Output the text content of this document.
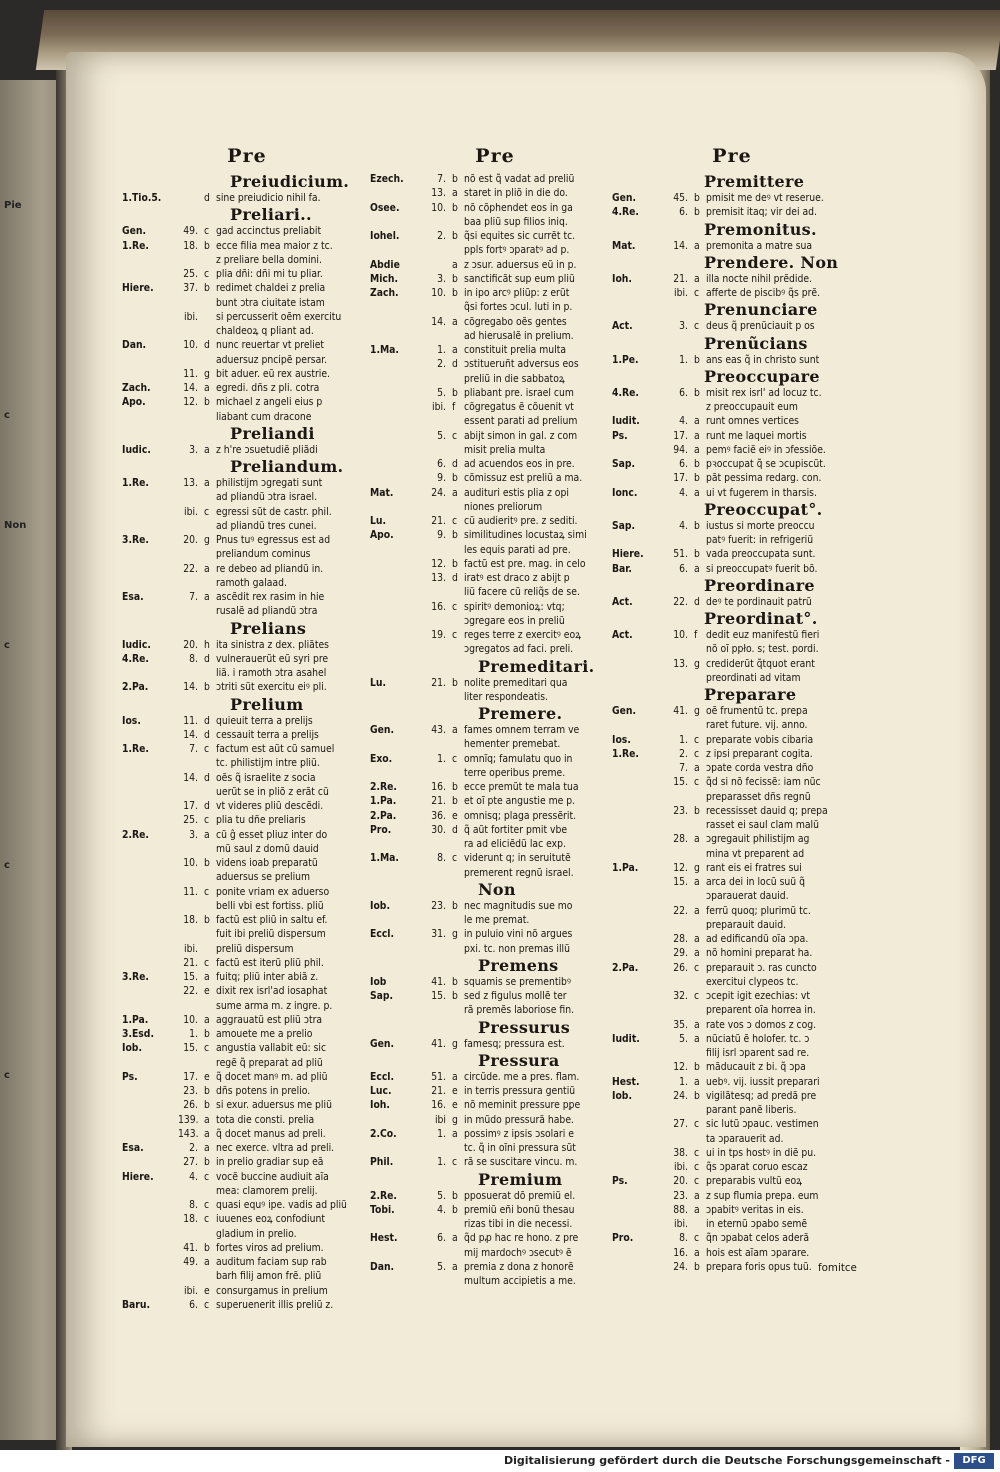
Pie
c
c
c
c
Non
Pre
Preiudicium.
1.Tio.5.	d sine preiudicio nihil fa.
Preliari..
Gen.	49. c gad accinctus preliabit
1.Re.	18. b ecce filia mea maior z tc.
z preliare bella domini.
25. c plia dñi: dñi mi tu pliar.
Hiere.	37. b redimet chaldei z prelia
bunt ɔtra ciuitate istam
ibi.	si percusserit oẽm exercitu
chaldeoꝝ q pliant ad.
Dan.	10. d nunc reuertar vt preliet
aduersuz pncipẽ persar.
11. g bit aduer. eũ rex austrie.
Zach.	14. a egredi. dñs z pli. cotra
Apo.	12. b michael z angeli eius p
liabant cum dracone
Preliandi
Iudic.	3. a z h're ɔsuetudiẽ pliãdi
Preliandum.
1.Re.	13. a philistijm ɔgregati sunt
ad pliandũ ɔtra israel.
ibi. c egressi sũt de castr. phil.
ad pliandũ tres cunei.
3.Re.	20. g Pnus tuꝰ egressus est ad
preliandum cominus
22. a re debeo ad pliandũ in.
ramoth galaad.
Esa.	7. a ascẽdit rex rasim in hie
rusalẽ ad pliandũ ɔtra
Prelians
Iudic.	20. h ita sinistra z dex. pliãtes
4.Re.	8. d vulnerauerũt eũ syri pre
liã. i ramoth ɔtra asahel
2.Pa.	14. b ɔtriti sũt exercitu eiꝰ pli.
Prelium
Ios.	11. d quieuit terra a prelijs
14. d cessauit terra a prelijs
1.Re.	7. c factum est aũt cũ samuel
tc. philistijm intre pliũ.
14. d oẽs q̃ israelite z socia
uerũt se in pliõ z erãt cũ
17. d vt videres pliũ descẽdi.
25. c plia tu dñe preliaris
2.Re.	3. a cũ ĝ esset pliuz inter do
mũ saul z domũ dauid
10. b videns ioab preparatũ
aduersus se prelium
11. c ponite vriam ex aduerso
belli vbi est fortiss. pliũ
18. b factũ est pliũ in saltu ef.
fuit ibi preliũ dispersum
ibi.	preliũ dispersum
21. c factũ est iterũ pliũ phil.
3.Re.	15. a fuitq; pliũ inter abiã z.
22. e dixit rex isrl'ad iosaphat
sume arma m. z ingre. p.
1.Pa.	10. a aggrauatũ est pliũ ɔtra
3.Esd.	1. b amouete me a prelio
Iob.	15. c angustia vallabit eũ: sic
regẽ q̃ preparat ad pliũ
Ps.	17. e q̃ docet manꝰ m. ad pliũ
23. b dñs potens in prelio.
26. b si exur. aduersus me pliũ
139. a tota die consti. prelia
143. a q̃ docet manus ad preli.
Esa.	2. a nec exerce. vltra ad preli.
27. b in prelio gradiar sup eã
Hiere.	4. c vocẽ buccine audiuit aĩa
mea: clamorem prelij.
8. c quasi equꝰ ipe. vadis ad pliũ
18. c iuuenes eoꝝ confodiunt
gladium in prelio.
41. b fortes viros ad prelium.
49. a auditum faciam sup rab
barh filij amon frẽ. pliũ
ibi. e consurgamus in prelium
Baru.	6. c superuenerit illis preliũ z.
Pre
Ezech.	7. b nõ est q̃ vadat ad preliũ
13. a staret in pliõ in die do.
Osee.	10. b nõ cõphendet eos in ga
baa pliũ sup filios iniq.
Iohel.	2. b q̃si equites sic currẽt tc.
ppls fortꝰ ɔparatꝰ ad p.
Abdie	a z ɔsur. aduersus eũ in p.
Mich.	3. b sanctificãt sup eum pliũ
Zach.	10. b in ipo arcꝰ pliũp: z erũt
q̃si fortes ɔcul. luti in p.
14. a cõgregabo oẽs gentes
ad hierusalẽ in prelium.
1.Ma.	1. a constituit prelia multa
2. d ɔstitueruñt adversus eos
preliũ in die sabbatoꝝ
5. b pliabant pre. israel cum
ibi. f cõgregatus ẽ cõuenit vt
essent parati ad prelium
5. c abijt simon in gal. z com
misit prelia multa
6. d ad acuendos eos in pre.
9. b cõmissuz est preliũ a ma.
Mat.	24. a audituri estis plia z opi
niones preliorum
Lu.	21. c cũ audieritꝰ pre. z sediti.
Apo.	9. b similitudines locustaꝝ simi
les equis parati ad pre.
12. b factũ est pre. mag. in celo
13. d iratꝰ est draco z abijt p
liũ facere cũ reliq̃s de se.
16. c spiritꝰ demonioꝝ: vtq;
ɔgregare eos in preliũ
19. c reges terre z exercitꝰ eoꝝ
ɔgregatos ad faci. preli.
Premeditari.
Lu.	21. b nolite premeditari qua
liter respondeatis.
Premere.
Gen.	43. a fames omnem terram ve
hementer premebat.
Exo.	1. c omnĩq; famulatu quo in
terre operibus preme.
2.Re.	16. b ecce premũt te mala tua
1.Pa.	21. b et oĩ pte angustie me p.
2.Pa.	36. e omnisq; plaga pressẽrit.
Pro.	30. d q̃ aũt fortiter pmit vbe
ra ad eliciẽdũ lac exp.
1.Ma.	8. c viderunt q; in seruitutẽ
premerent regnũ israel.
Non
Iob.	23. b nec magnitudis sue mo
le me premat.
Eccl.	31. g in puluio vini nõ argues
pxi. tc. non premas illũ
Premens
Iob	41. b squamis se prementibꝰ
Sap.	15. b sed z figulus mollẽ ter
rã premẽs laboriose fin.
Pressurus
Gen.	41. g famesq; pressura est.
Pressura
Eccl.	51. a circũde. me a pres. flam.
Luc.	21. e in terris pressura gentiũ
Ioh.	16. e nõ meminit pressure pꝑe
ibi g in mũdo pressurã habe.
2.Co.	1. a possimꝰ z ipsis ɔsolari e
tc. q̃ in oĩni pressura sũt
Phil.	1. c rã se suscitare vincu. m.
Premium
2.Re.	5. b pposuerat dõ premiũ el.
Tobi.	4. b premiũ eñi bonũ thesau
rizas tibi in die necessi.
Hest.	6. a q̃d pꝓ hac re hono. z pre
mij mardochꝰ ɔsecutꝰ ẽ
Dan.	5. a premia z dona z honorẽ
multum accipietis a me.
Pre
Premittere
Gen.	45. b pmisit me deꝰ vt reserue.
4.Re.	6. b premisit itaq; vir dei ad.
Premonitus.
Mat.	14. a premonita a matre sua
Prendere. Non
Ioh.	21. a illa nocte nihil prẽdide.
ibi. c afferte de piscibꝰ q̃s prẽ.
Prenunciare
Act.	3. c deus q̃ prenũciauit p os
Prenũcians
1.Pe.	1. b ans eas q̃ in christo sunt
Preoccupare
4.Re.	6. b misit rex isrl' ad locuz tc.
z preoccupauit eum
Iudit.	4. a runt omnes vertices
Ps.	17. a runt me laquei mortis
94. a pemꝰ faciẽ eiꝰ in ɔfessiõe.
Sap.	6. b pꝛoccupat q̃ se ɔcupiscũt.
17. b pãt pessima redarg. con.
Ionc.	4. a ui vt fugerem in tharsis.
Preoccupat°.
Sap.	4. b iustus si morte preoccu
patꝰ fuerit: in refrigeriũ
Hiere.	51. b vada preoccupata sunt.
Bar.	6. a si preoccupatꝰ fuerit bõ.
Preordinare
Act.	22. d deꝰ te pordinauit patrũ
Preordinat°.
Act.	10. f dedit euz manifestũ fieri
nõ oĩ ppło. s; test. pordi.
13. g crediderũt q̃tquot erant
preordinati ad vitam
Preparare
Gen.	41. g oẽ frumentũ tc. prepa
raret future. vij. anno.
Ios.	1. c preparate vobis cibaria
1.Re.	2. c z ipsi preparant cogita.
7. a ɔpate corda vestra dño
15. c q̃d si nõ fecissẽ: iam nũc
preparasset dñs regnũ
23. b recessisset dauid q; prepa
rasset ei saul clam malũ
28. a ɔgregauit philistijm ag
mina vt preparent ad
1.Pa.	12. g rant eis ei fratres sui
15. a arca dei in locũ suũ q̃
ɔparauerat dauid.
22. a ferrũ quoq; plurimũ tc.
preparauit dauid.
28. a ad edificandũ oĩa ɔpa.
29. a nõ homini preparat ha.
2.Pa.	26. c preparauit ɔ. ras cuncto
exercitui clypeos tc.
32. c ɔcepit igit ezechias: vt
preparent oĩa horrea in.
35. a rate vos ɔ domos z cog.
Iudit.	5. a nũciatũ ẽ holofer. tc. ɔ
filij isrl ɔparent sad re.
12. b mãducauit z bi. q̃ ɔpa
Hest.	1. a uebꝰ. vij. iussit preparari
Iob.	24. b vigilãtesq; ad predã pre
parant panẽ liberis.
27. c sic lutũ ɔpauc. vestimen
ta ɔparauerit ad.
38. c ui in tps hostꝰ in diẽ pu.
ibi. c q̃s ɔparat coruo escaz
Ps.	20. c preparabis vultũ eoꝝ
23. a z sup flumia prepa. eum
88. a ɔpabitꝰ veritas in eis.
ibi.	in eternũ ɔpabo semẽ
Pro.	8. c q̃n ɔpabat celos aderã
16. a hois est aĩam ɔparare.
24. b prepara foris opus tuũ. fomitce
Digitalisierung gefördert durch die Deutsche Forschungsgemeinschaft -	DFG
